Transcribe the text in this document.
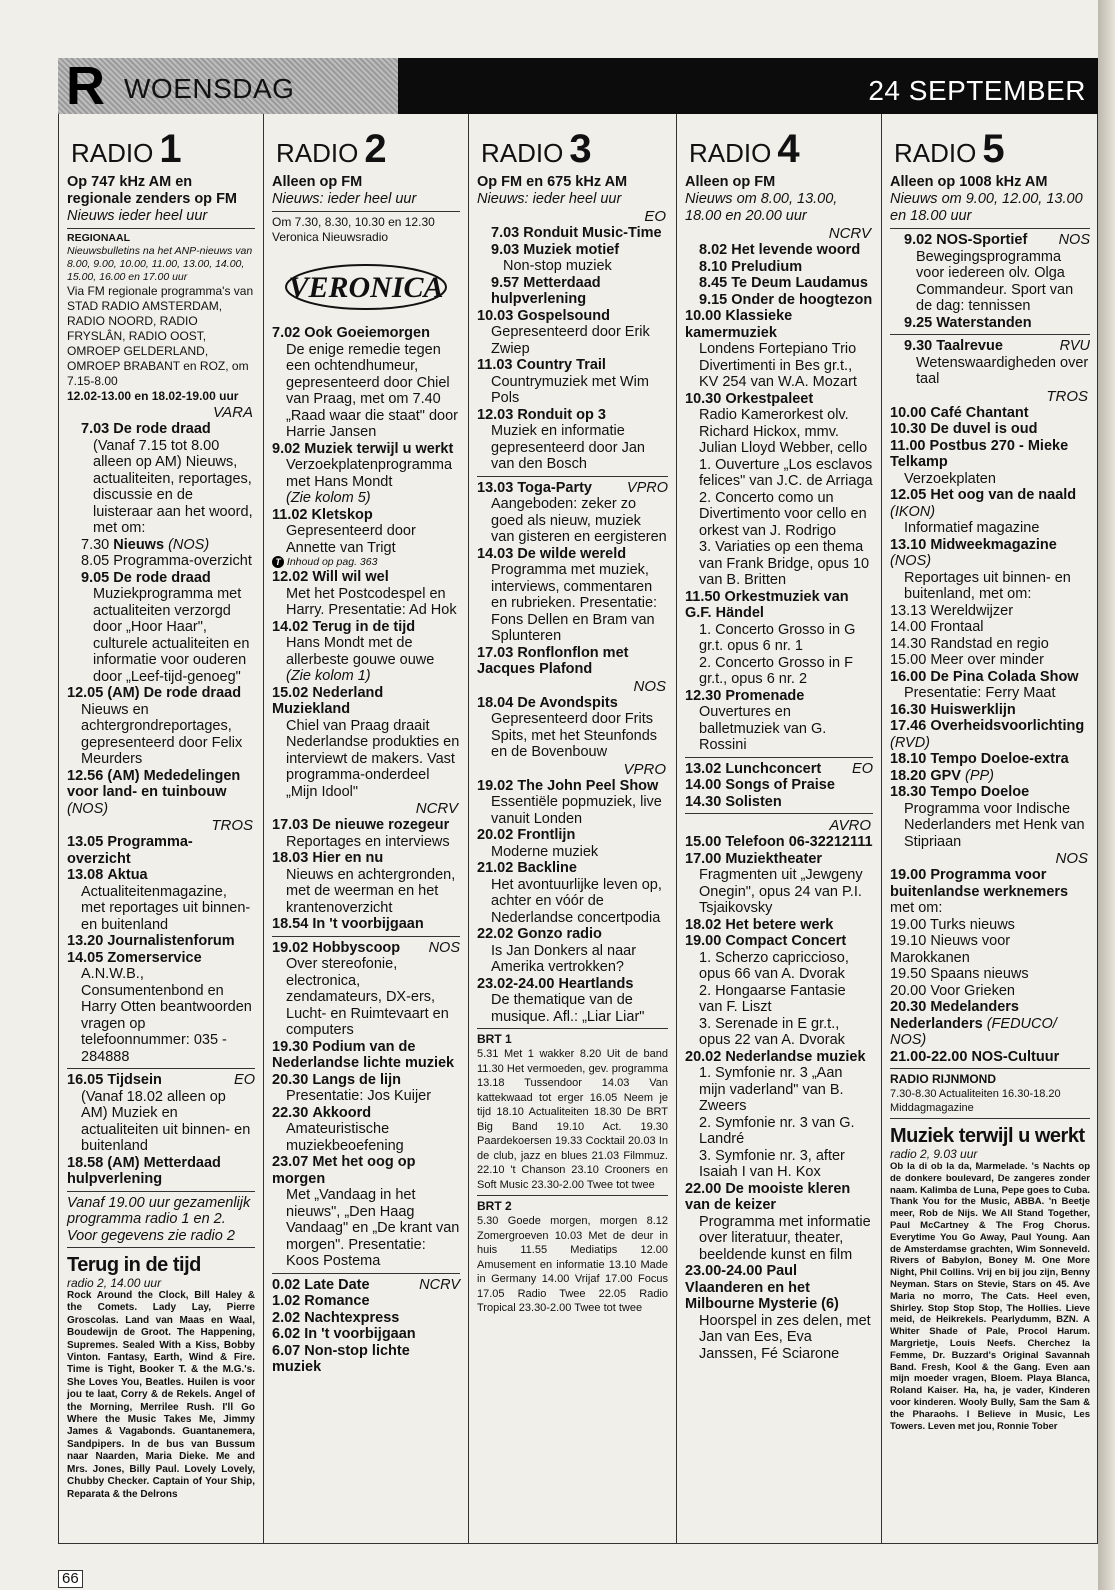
R WOENSDAG	24 SEPTEMBER
RADIO 1
Op 747 kHz AM en regionale zenders op FM
Nieuws ieder heel uur
REGIONAAL
Nieuwsbulletins na het ANP-nieuws van 8.00, 9.00, 10.00, 11.00, 13.00, 14.00, 15.00, 16.00 en 17.00 uur
Via FM regionale programma's van STAD RADIO AMSTERDAM, RADIO NOORD, RADIO FRYSLÂN, RADIO OOST, OMROEP GELDERLAND, OMROEP BRABANT en ROZ, om 7.15-8.00
12.02-13.00 en 18.02-19.00 uur
VARA
7.03 De rode draad
(Vanaf 7.15 tot 8.00 alleen op AM) Nieuws, actualiteiten, reportages, discussie en de luisteraar aan het woord, met om:
7.30 Nieuws (NOS)
8.05 Programma-overzicht
9.05 De rode draad
Muziekprogramma met actualiteiten verzorgd door „Hoor Haar", culturele actualiteiten en informatie voor ouderen door „Leef-tijd-genoeg"
12.05 (AM) De rode draad
Nieuws en achtergrondreportages, gepresenteerd door Felix Meurders
12.56 (AM) Mededelingen voor land- en tuinbouw (NOS)
TROS
13.05 Programma-overzicht
13.08 Aktua
Actualiteitenmagazine, met reportages uit binnen- en buitenland
13.20 Journalistenforum
14.05 Zomerservice
A.N.W.B., Consumentenbond en Harry Otten beantwoorden vragen op telefoonnummer: 035 - 284888
16.05 Tijdsein	EO
(Vanaf 18.02 alleen op AM) Muziek en actualiteiten uit binnen- en buitenland
18.58 (AM) Metterdaad hulpverlening
Vanaf 19.00 uur gezamenlijk programma radio 1 en 2. Voor gegevens zie radio 2
Terug in de tijd
radio 2, 14.00 uur
Rock Around the Clock, Bill Haley & the Comets. Lady Lay, Pierre Groscolas. Land van Maas en Waal, Boudewijn de Groot. The Happening, Supremes. Sealed With a Kiss, Bobby Vinton. Fantasy, Earth, Wind & Fire. Time is Tight, Booker T. & the M.G.'s. She Loves You, Beatles. Huilen is voor jou te laat, Corry & de Rekels. Angel of the Morning, Merrilee Rush. I'll Go Where the Music Takes Me, Jimmy James & Vagabonds. Guantanemera, Sandpipers. In de bus van Bussum naar Naarden, Maria Dieke. Me and Mrs. Jones, Billy Paul. Lovely Lovely, Chubby Checker. Captain of Your Ship, Reparata & the Delrons
RADIO 2
Alleen op FM
Nieuws: ieder heel uur
Om 7.30, 8.30, 10.30 en 12.30
Veronica Nieuwsradio
VERONICA
7.02 Ook Goeiemorgen
De enige remedie tegen een ochtendhumeur, gepresenteerd door Chiel van Praag, met om 7.40 „Raad waar die staat" door Harrie Jansen
9.02 Muziek terwijl u werkt
Verzoekplatenprogramma met Hans Mondt
(Zie kolom 5)
11.02 Kletskop
Gepresenteerd door Annette van Trigt
T Inhoud op pag. 363
12.02 Will wil wel
Met het Postcodespel en Harry. Presentatie: Ad Hok
14.02 Terug in de tijd
Hans Mondt met de allerbeste gouwe ouwe
(Zie kolom 1)
15.02 Nederland Muziekland
Chiel van Praag draait Nederlandse produkties en interviewt de makers. Vast programma-onderdeel „Mijn Idool"
NCRV
17.03 De nieuwe rozegeur
Reportages en interviews
18.03 Hier en nu
Nieuws en achtergronden, met de weerman en het krantenoverzicht
18.54 In 't voorbijgaan
19.02 Hobbyscoop NOS
Over stereofonie, electronica, zendamateurs, DX-ers, Lucht- en Ruimtevaart en computers
19.30 Podium van de Nederlandse lichte muziek
20.30 Langs de lijn
Presentatie: Jos Kuijer
22.30 Akkoord
Amateuristische muziekbeoefening
23.07 Met het oog op morgen
Met „Vandaag in het nieuws", „Den Haag Vandaag" en „De krant van morgen". Presentatie: Koos Postema
0.02 Late Date	NCRV
1.02 Romance
2.02 Nachtexpress
6.02 In 't voorbijgaan
6.07 Non-stop lichte muziek
RADIO 3
Op FM en 675 kHz AM
Nieuws: ieder heel uur
EO
7.03 Ronduit Music-Time
9.03 Muziek motief
Non-stop muziek
9.57 Metterdaad hulpverlening
10.03 Gospelsound
Gepresenteerd door Erik Zwiep
11.03 Country Trail
Countrymuziek met Wim Pols
12.03 Ronduit op 3
Muziek en informatie gepresenteerd door Jan van den Bosch
13.03 Toga-Party VPRO
Aangeboden: zeker zo goed als nieuw, muziek van gisteren en eergisteren
14.03 De wilde wereld
Programma met muziek, interviews, commentaren en rubrieken. Presentatie: Fons Dellen en Bram van Splunteren
17.03 Ronflonflon met Jacques Plafond
NOS
18.04 De Avondspits
Gepresenteerd door Frits Spits, met het Steunfonds en de Bovenbouw
VPRO
19.02 The John Peel Show
Essentiële popmuziek, live vanuit Londen
20.02 Frontlijn
Moderne muziek
21.02 Backline
Het avontuurlijke leven op, achter en vóór de Nederlandse concertpodia
22.02 Gonzo radio
Is Jan Donkers al naar Amerika vertrokken?
23.02-24.00 Heartlands
De thematique van de musique. Afl.: „Liar Liar"
BRT 1
5.31 Met 1 wakker 8.20 Uit de band 11.30 Het vermoeden, gev. programma 13.18 Tussendoor 14.03 Van kattekwaad tot erger 16.05 Neem je tijd 18.10 Actualiteiten 18.30 De BRT Big Band 19.10 Act. 19.30 Paardekoersen 19.33 Cocktail 20.03 In de club, jazz en blues 21.03 Filmmuz. 22.10 't Chanson 23.10 Crooners en Soft Music 23.30-2.00 Twee tot twee
BRT 2
5.30 Goede morgen, morgen 8.12 Zomergroeven 10.03 Met de deur in huis 11.55 Mediatips 12.00 Amusement en informatie 13.10 Made in Germany 14.00 Vrijaf 17.00 Focus 17.05 Radio Twee 22.05 Radio Tropical 23.30-2.00 Twee tot twee
RADIO 4
Alleen op FM
Nieuws om 8.00, 13.00, 18.00 en 20.00 uur
NCRV
8.02 Het levende woord
8.10 Preludium
8.45 Te Deum Laudamus
9.15 Onder de hoogtezon
10.00 Klassieke kamermuziek
Londens Fortepiano Trio Divertimenti in Bes gr.t., KV 254 van W.A. Mozart
10.30 Orkestpaleet
Radio Kamerorkest olv. Richard Hickox, mmv. Julian Lloyd Webber, cello
1. Ouverture „Los esclavos felices" van J.C. de Arriaga
2. Concerto como un Divertimento voor cello en orkest van J. Rodrigo
3. Variaties op een thema van Frank Bridge, opus 10 van B. Britten
11.50 Orkestmuziek van G.F. Händel
1. Concerto Grosso in G gr.t. opus 6 nr. 1
2. Concerto Grosso in F gr.t., opus 6 nr. 2
12.30 Promenade
Ouvertures en balletmuziek van G. Rossini
13.02 Lunchconcert EO
14.00 Songs of Praise
14.30 Solisten
AVRO
15.00 Telefoon 06-32212111
17.00 Muziektheater
Fragmenten uit „Jewgeny Onegin", opus 24 van P.I. Tsjaikovsky
18.02 Het betere werk
19.00 Compact Concert
1. Scherzo capriccioso, opus 66 van A. Dvorak
2. Hongaarse Fantasie van F. Liszt
3. Serenade in E gr.t., opus 22 van A. Dvorak
20.02 Nederlandse muziek
1. Symfonie nr. 3 „Aan mijn vaderland" van B. Zweers
2. Symfonie nr. 3 van G. Landré
3. Symfonie nr. 3, after Isaiah I van H. Kox
22.00 De mooiste kleren van de keizer
Programma met informatie over literatuur, theater, beeldende kunst en film
23.00-24.00 Paul Vlaanderen en het Milbourne Mysterie (6)
Hoorspel in zes delen, met Jan van Ees, Eva Janssen, Fé Sciarone
RADIO 5
Alleen op 1008 kHz AM
Nieuws om 9.00, 12.00, 13.00 en 18.00 uur
9.02 NOS-Sportief NOS
Bewegingsprogramma voor iedereen olv. Olga Commandeur. Sport van de dag: tennissen
9.25 Waterstanden
9.30 Taalrevue	RVU
Wetenswaardigheden over taal
TROS
10.00 Café Chantant
10.30 De duvel is oud
11.00 Postbus 270 - Mieke Telkamp
Verzoekplaten
12.05 Het oog van de naald (IKON)
Informatief magazine
13.10 Midweekmagazine (NOS)
Reportages uit binnen- en buitenland, met om:
13.13 Wereldwijzer
14.00 Frontaal
14.30 Randstad en regio
15.00 Meer over minder
16.00 De Pina Colada Show
Presentatie: Ferry Maat
16.30 Huiswerklijn
17.46 Overheidsvoorlichting (RVD)
18.10 Tempo Doeloe-extra
18.20 GPV (PP)
18.30 Tempo Doeloe
Programma voor Indische Nederlanders met Henk van Stipriaan
NOS
19.00 Programma voor buitenlandse werknemers met om:
19.00 Turks nieuws
19.10 Nieuws voor Marokkanen
19.50 Spaans nieuws
20.00 Voor Grieken
20.30 Medelanders Nederlanders (FEDUCO/ NOS)
21.00-22.00 NOS-Cultuur
RADIO RIJNMOND
7.30-8.30 Actualiteiten 16.30-18.20 Middagmagazine
Muziek terwijl u werkt
radio 2, 9.03 uur
Ob la di ob la da, Marmelade. 's Nachts op de donkere boulevard, De zangeres zonder naam. Kalimba de Luna, Pepe goes to Cuba. Thank You for the Music, ABBA. 'n Beetje meer, Rob de Nijs. We All Stand Together, Paul McCartney & The Frog Chorus. Everytime You Go Away, Paul Young. Aan de Amsterdamse grachten, Wim Sonneveld. Rivers of Babylon, Boney M. One More Night, Phil Collins. Vrij en bij jou zijn, Benny Neyman. Stars on Stevie, Stars on 45. Ave Maria no morro, The Cats. Heel even, Shirley. Stop Stop Stop, The Hollies. Lieve meid, de Heikrekels. Pearlydumm, BZN. A Whiter Shade of Pale, Procol Harum. Margrietje, Louis Neefs. Cherchez la Femme, Dr. Buzzard's Original Savannah Band. Fresh, Kool & the Gang. Even aan mijn moeder vragen, Bloem. Playa Blanca, Roland Kaiser. Ha, ha, je vader, Kinderen voor kinderen. Wooly Bully, Sam the Sam & the Pharaohs. I Believe in Music, Les Towers. Leven met jou, Ronnie Tober
66
